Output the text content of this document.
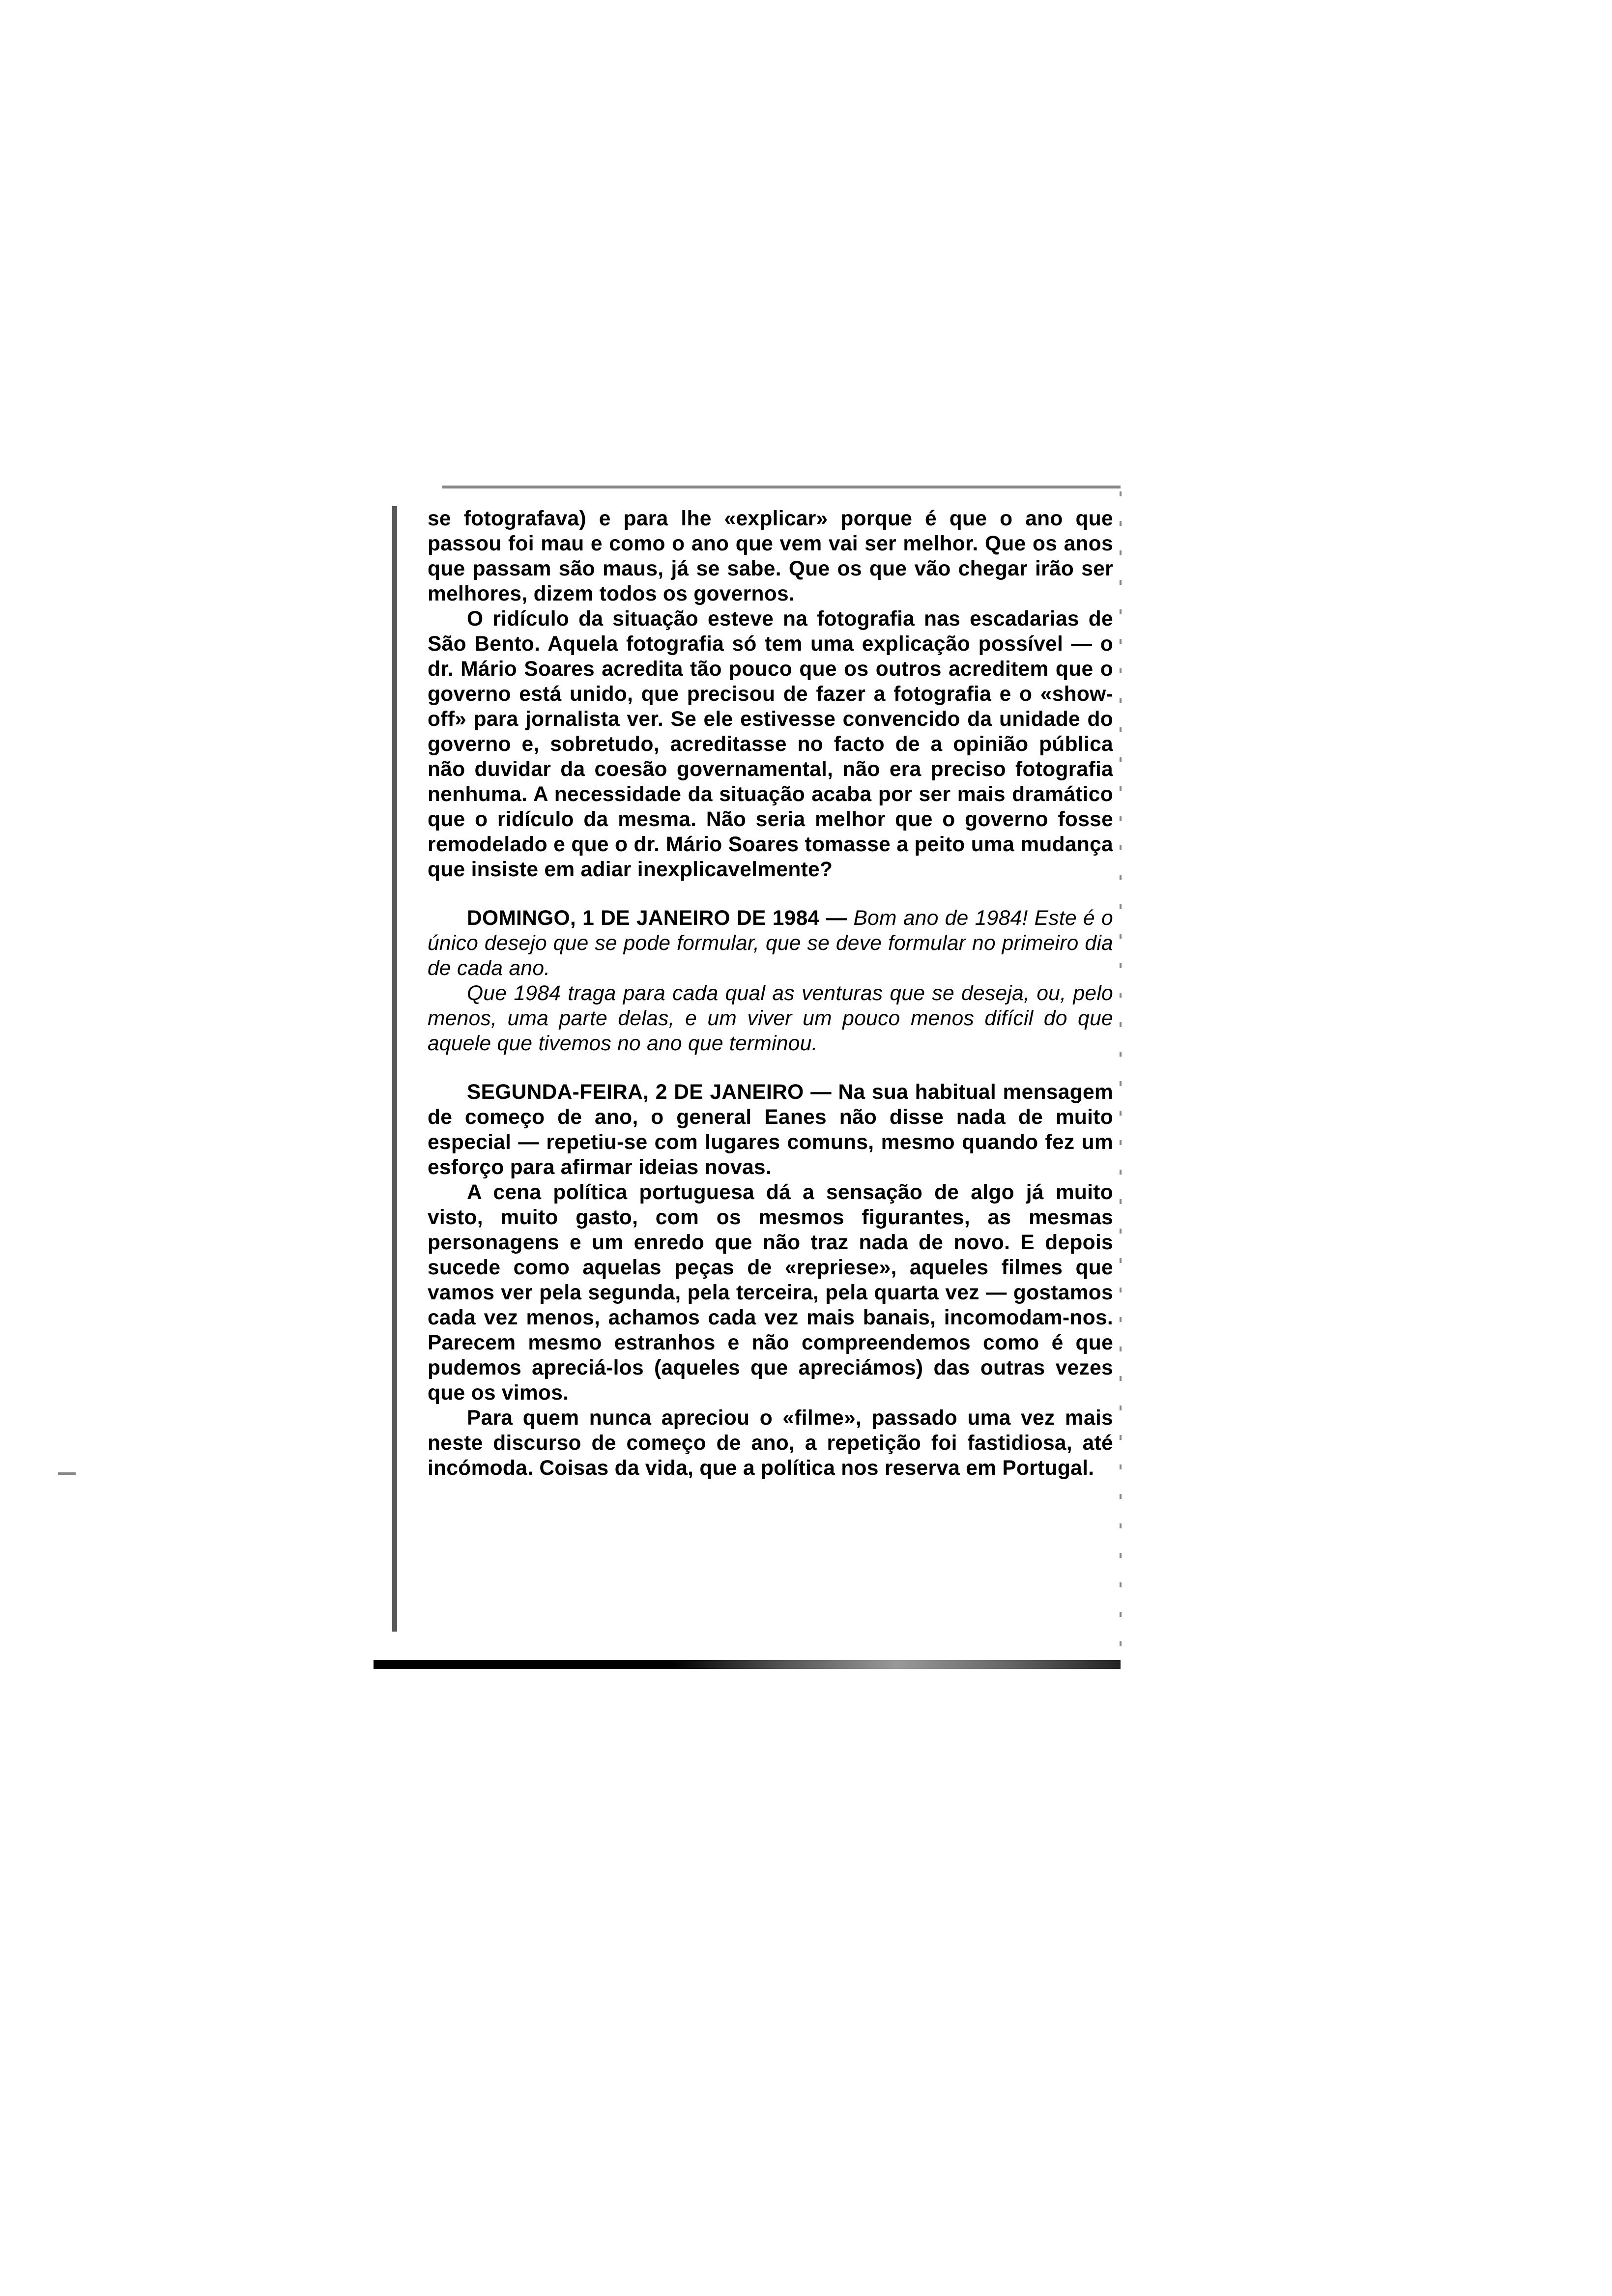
se fotografava) e para lhe «explicar» porque é que o ano que passou foi mau e como o ano que vem vai ser melhor. Que os anos que passam são maus, já se sabe. Que os que vão chegar irão ser melhores, dizem todos os governos.

O ridículo da situação esteve na fotografia nas escadarias de São Bento. Aquela fotografia só tem uma explicação possível — o dr. Mário Soares acredita tão pouco que os outros acreditem que o governo está unido, que precisou de fazer a fotografia e o «show-off» para jornalista ver. Se ele estivesse convencido da unidade do governo e, sobretudo, acreditasse no facto de a opinião pública não duvidar da coesão governamental, não era preciso fotografia nenhuma. A necessidade da situação acaba por ser mais dramático que o ridículo da mesma. Não seria melhor que o governo fosse remodelado e que o dr. Mário Soares tomasse a peito uma mudança que insiste em adiar inexplicavelmente?

DOMINGO, 1 DE JANEIRO DE 1984 — Bom ano de 1984! Este é o único desejo que se pode formular, que se deve formular no primeiro dia de cada ano.

Que 1984 traga para cada qual as venturas que se deseja, ou, pelo menos, uma parte delas, e um viver um pouco menos difícil do que aquele que tivemos no ano que terminou.

SEGUNDA-FEIRA, 2 DE JANEIRO — Na sua habitual mensagem de começo de ano, o general Eanes não disse nada de muito especial — repetiu-se com lugares comuns, mesmo quando fez um esforço para afirmar ideias novas.

A cena política portuguesa dá a sensação de algo já muito visto, muito gasto, com os mesmos figurantes, as mesmas personagens e um enredo que não traz nada de novo. E depois sucede como aquelas peças de «repriese», aqueles filmes que vamos ver pela segunda, pela terceira, pela quarta vez — gostamos cada vez menos, achamos cada vez mais banais, incomodam-nos. Parecem mesmo estranhos e não compreendemos como é que pudemos apreciá-los (aqueles que apreciámos) das outras vezes que os vimos.

Para quem nunca apreciou o «filme», passado uma vez mais neste discurso de começo de ano, a repetição foi fastidiosa, até incómoda. Coisas da vida, que a política nos reserva em Portugal.
